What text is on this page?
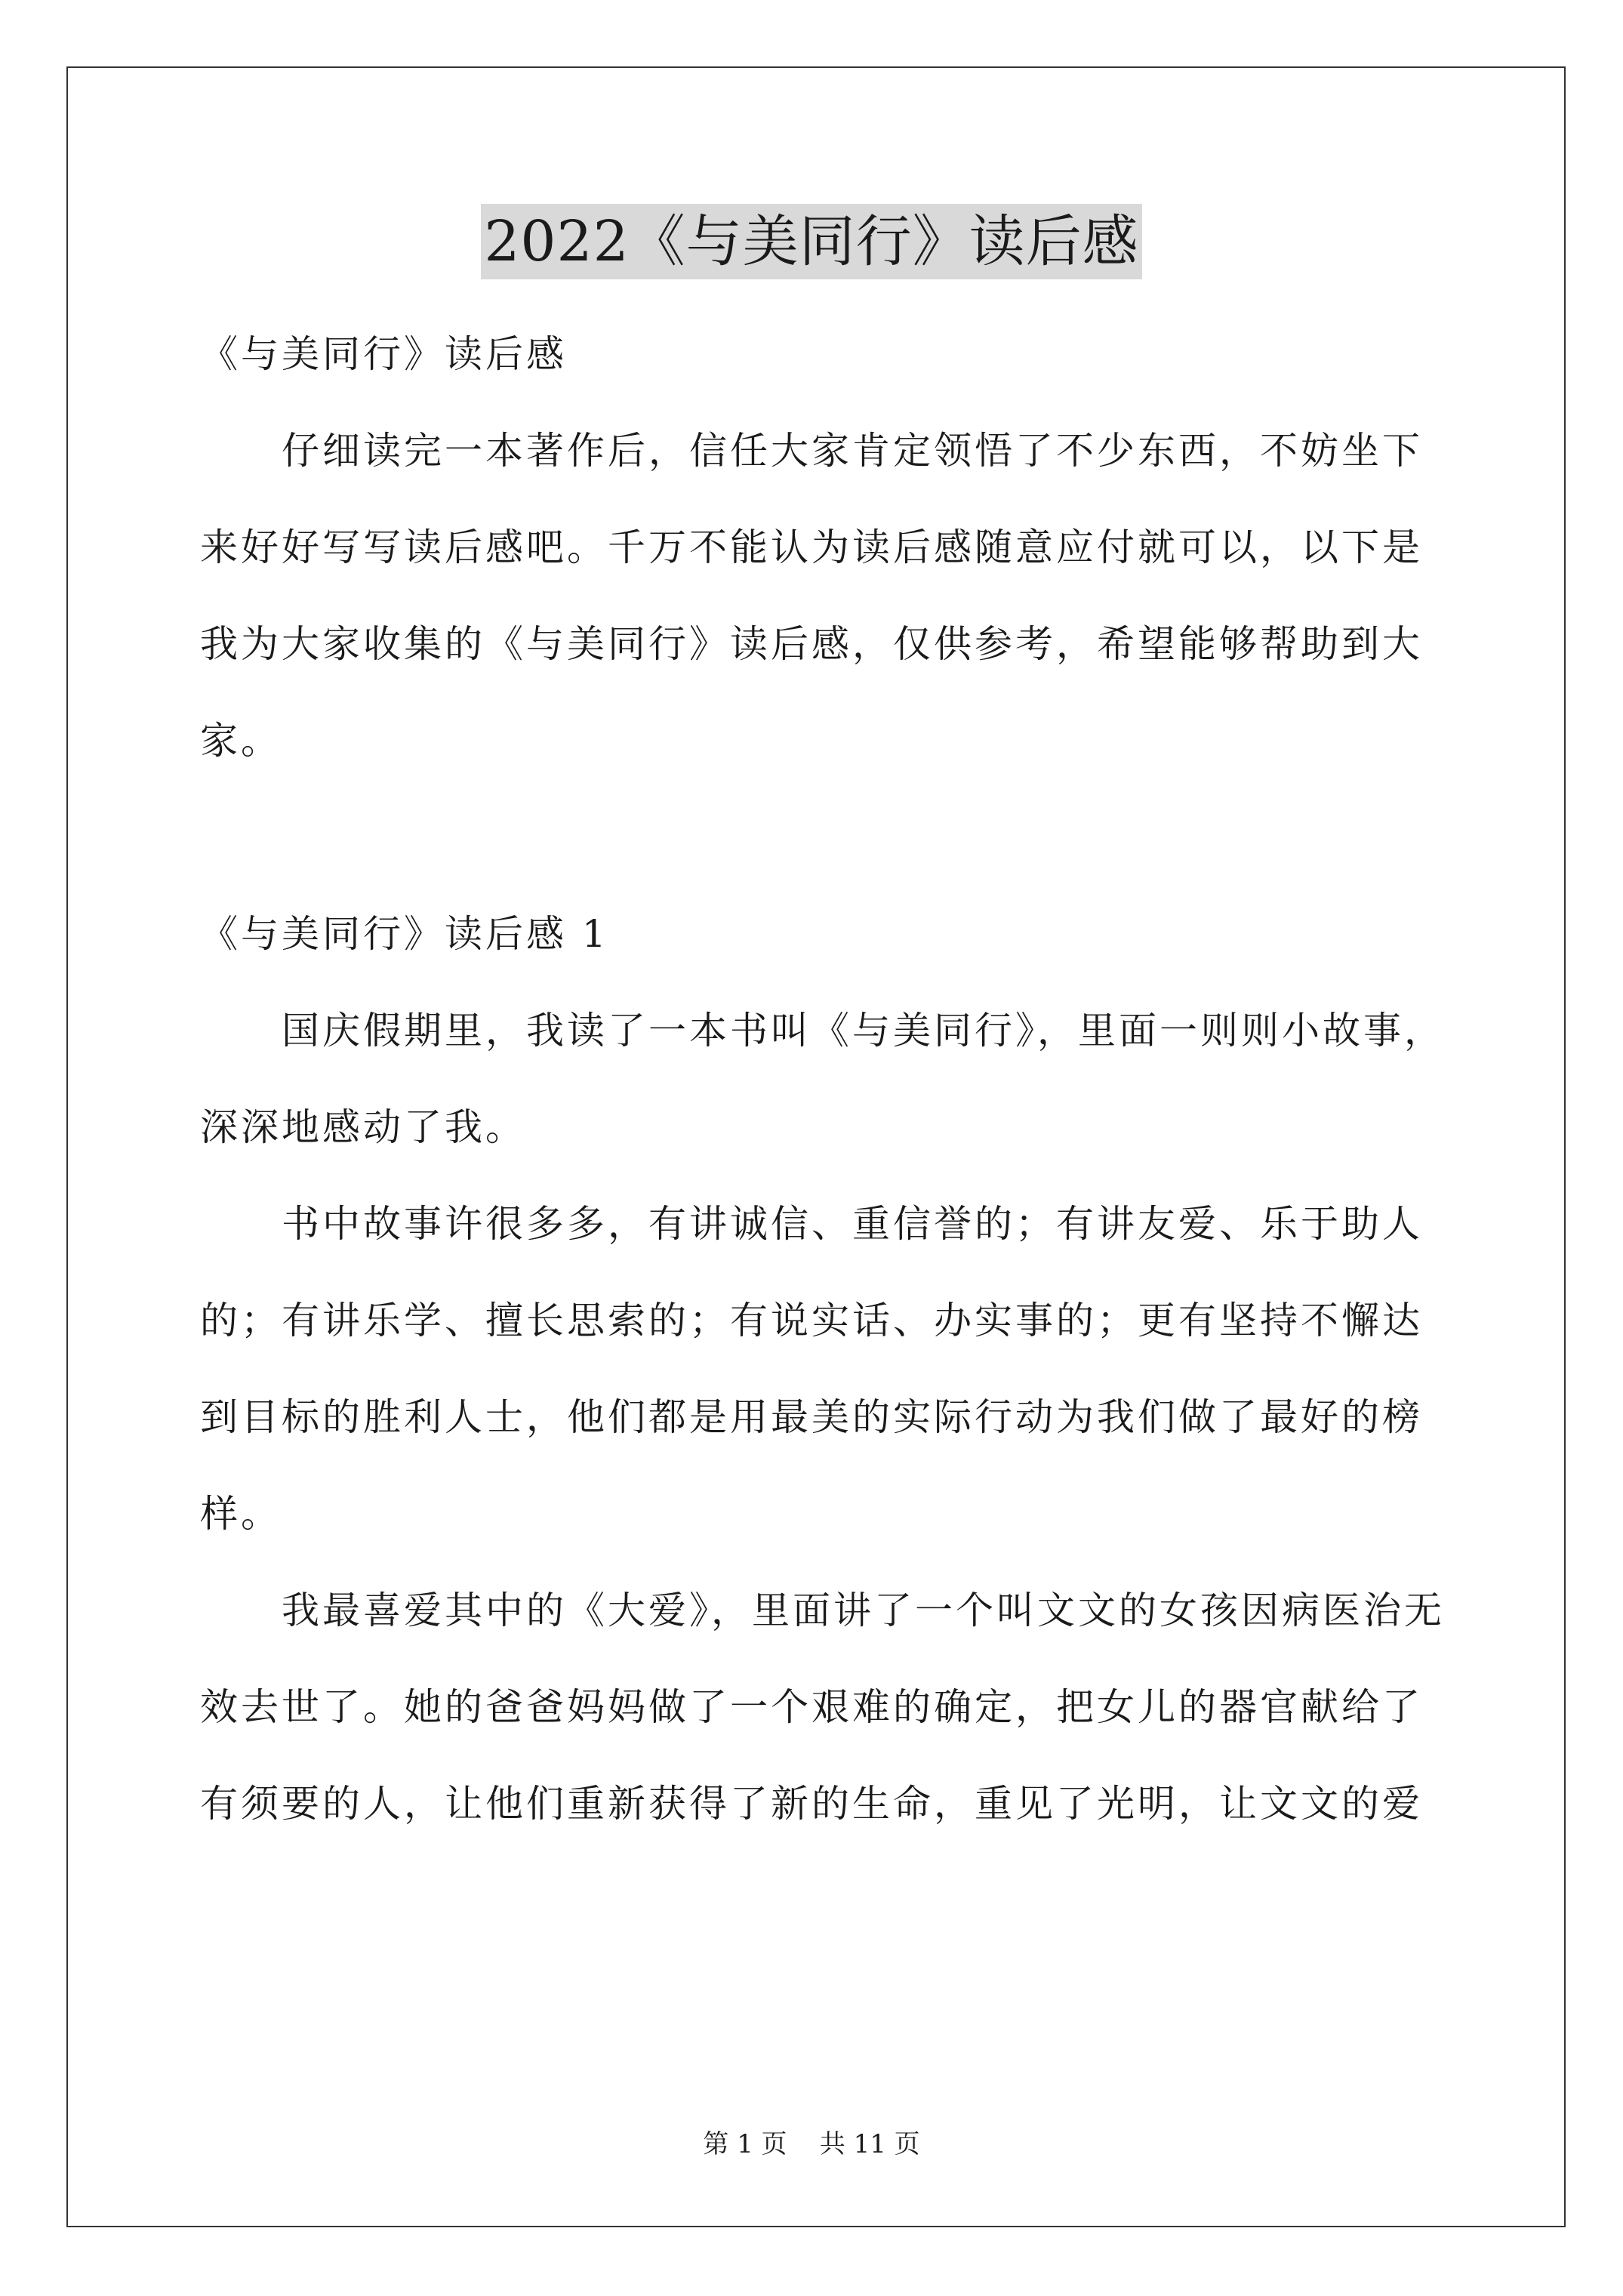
2022《与美同行》读后感
《与美同行》读后感
仔细读完一本著作后，信任大家肯定领悟了不少东西，不妨坐下
来好好写写读后感吧。千万不能认为读后感随意应付就可以，以下是
我为大家收集的《与美同行》读后感，仅供参考，希望能够帮助到大
家。
《与美同行》读后感 1
国庆假期里，我读了一本书叫《与美同行》，里面一则则小故事，
深深地感动了我。
书中故事许很多多，有讲诚信、重信誉的；有讲友爱、乐于助人
的；有讲乐学、擅长思索的；有说实话、办实事的；更有坚持不懈达
到目标的胜利人士，他们都是用最美的实际行动为我们做了最好的榜
样。
我最喜爱其中的《大爱》，里面讲了一个叫文文的女孩因病医治无
效去世了。她的爸爸妈妈做了一个艰难的确定，把女儿的器官献给了
有须要的人，让他们重新获得了新的生命，重见了光明，让文文的爱
第 1 页    共 11 页
